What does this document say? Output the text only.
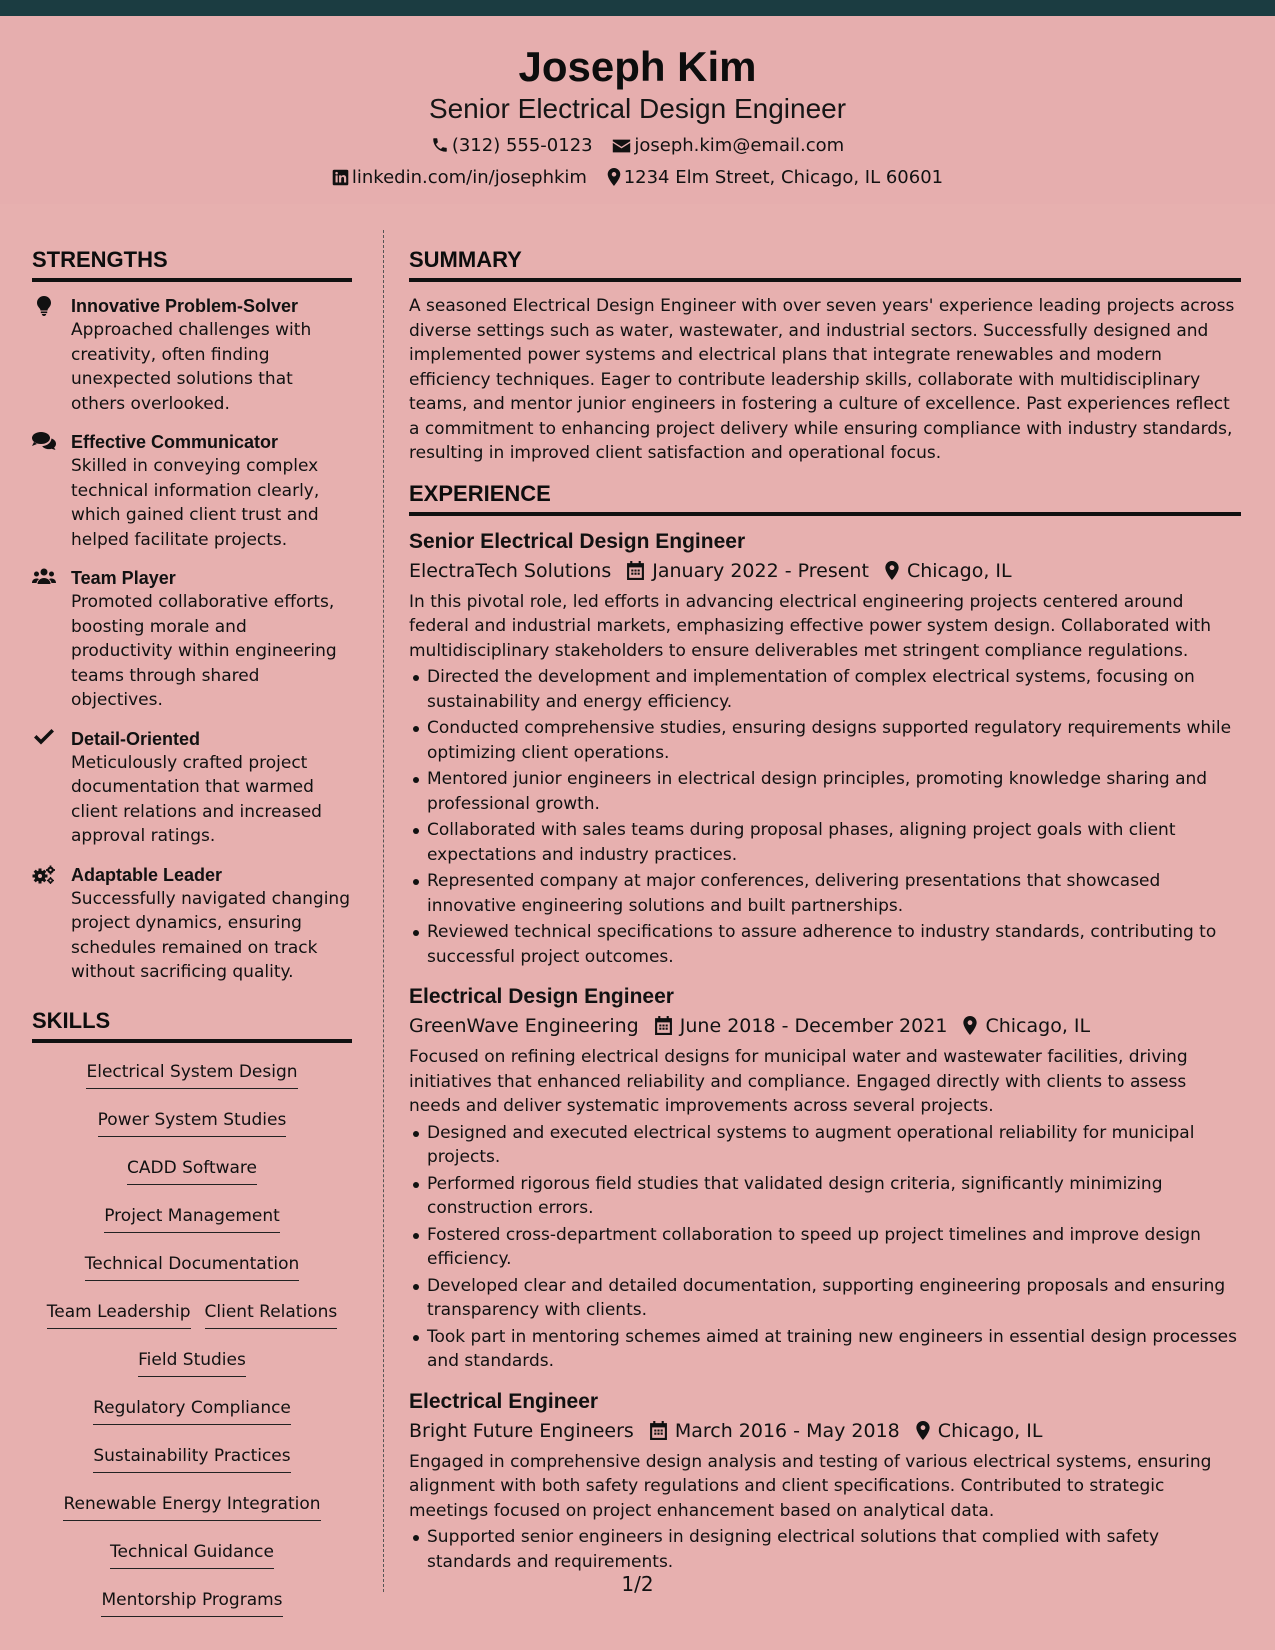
Joseph Kim
Senior Electrical Design Engineer
(312) 555-0123 joseph.kim@email.com
linkedin.com/in/josephkim 1234 Elm Street, Chicago, IL 60601
STRENGTHS
Innovative Problem-Solver
Approached challenges with creativity, often finding unexpected solutions that others overlooked.
Effective Communicator
Skilled in conveying complex technical information clearly, which gained client trust and helped facilitate projects.
Team Player
Promoted collaborative efforts, boosting morale and productivity within engineering teams through shared objectives.
Detail-Oriented
Meticulously crafted project documentation that warmed client relations and increased approval ratings.
Adaptable Leader
Successfully navigated changing project dynamics, ensuring schedules remained on track without sacrificing quality.
SKILLS
Electrical System Design
Power System Studies
CADD Software
Project Management
Technical Documentation
Team Leadership Client Relations
Field Studies
Regulatory Compliance
Sustainability Practices
Renewable Energy Integration
Technical Guidance
Mentorship Programs
SUMMARY
A seasoned Electrical Design Engineer with over seven years' experience leading projects across diverse settings such as water, wastewater, and industrial sectors. Successfully designed and implemented power systems and electrical plans that integrate renewables and modern efficiency techniques. Eager to contribute leadership skills, collaborate with multidisciplinary teams, and mentor junior engineers in fostering a culture of excellence. Past experiences reflect a commitment to enhancing project delivery while ensuring compliance with industry standards, resulting in improved client satisfaction and operational focus.
EXPERIENCE
Senior Electrical Design Engineer
ElectraTech Solutions January 2022 - Present Chicago, IL
In this pivotal role, led efforts in advancing electrical engineering projects centered around federal and industrial markets, emphasizing effective power system design. Collaborated with multidisciplinary stakeholders to ensure deliverables met stringent compliance regulations.
Directed the development and implementation of complex electrical systems, focusing on sustainability and energy efficiency.
Conducted comprehensive studies, ensuring designs supported regulatory requirements while optimizing client operations.
Mentored junior engineers in electrical design principles, promoting knowledge sharing and professional growth.
Collaborated with sales teams during proposal phases, aligning project goals with client expectations and industry practices.
Represented company at major conferences, delivering presentations that showcased innovative engineering solutions and built partnerships.
Reviewed technical specifications to assure adherence to industry standards, contributing to successful project outcomes.
Electrical Design Engineer
GreenWave Engineering June 2018 - December 2021 Chicago, IL
Focused on refining electrical designs for municipal water and wastewater facilities, driving initiatives that enhanced reliability and compliance. Engaged directly with clients to assess needs and deliver systematic improvements across several projects.
Designed and executed electrical systems to augment operational reliability for municipal projects.
Performed rigorous field studies that validated design criteria, significantly minimizing construction errors.
Fostered cross-department collaboration to speed up project timelines and improve design efficiency.
Developed clear and detailed documentation, supporting engineering proposals and ensuring transparency with clients.
Took part in mentoring schemes aimed at training new engineers in essential design processes and standards.
Electrical Engineer
Bright Future Engineers March 2016 - May 2018 Chicago, IL
Engaged in comprehensive design analysis and testing of various electrical systems, ensuring alignment with both safety regulations and client specifications. Contributed to strategic meetings focused on project enhancement based on analytical data.
Supported senior engineers in designing electrical solutions that complied with safety standards and requirements.
1/2
